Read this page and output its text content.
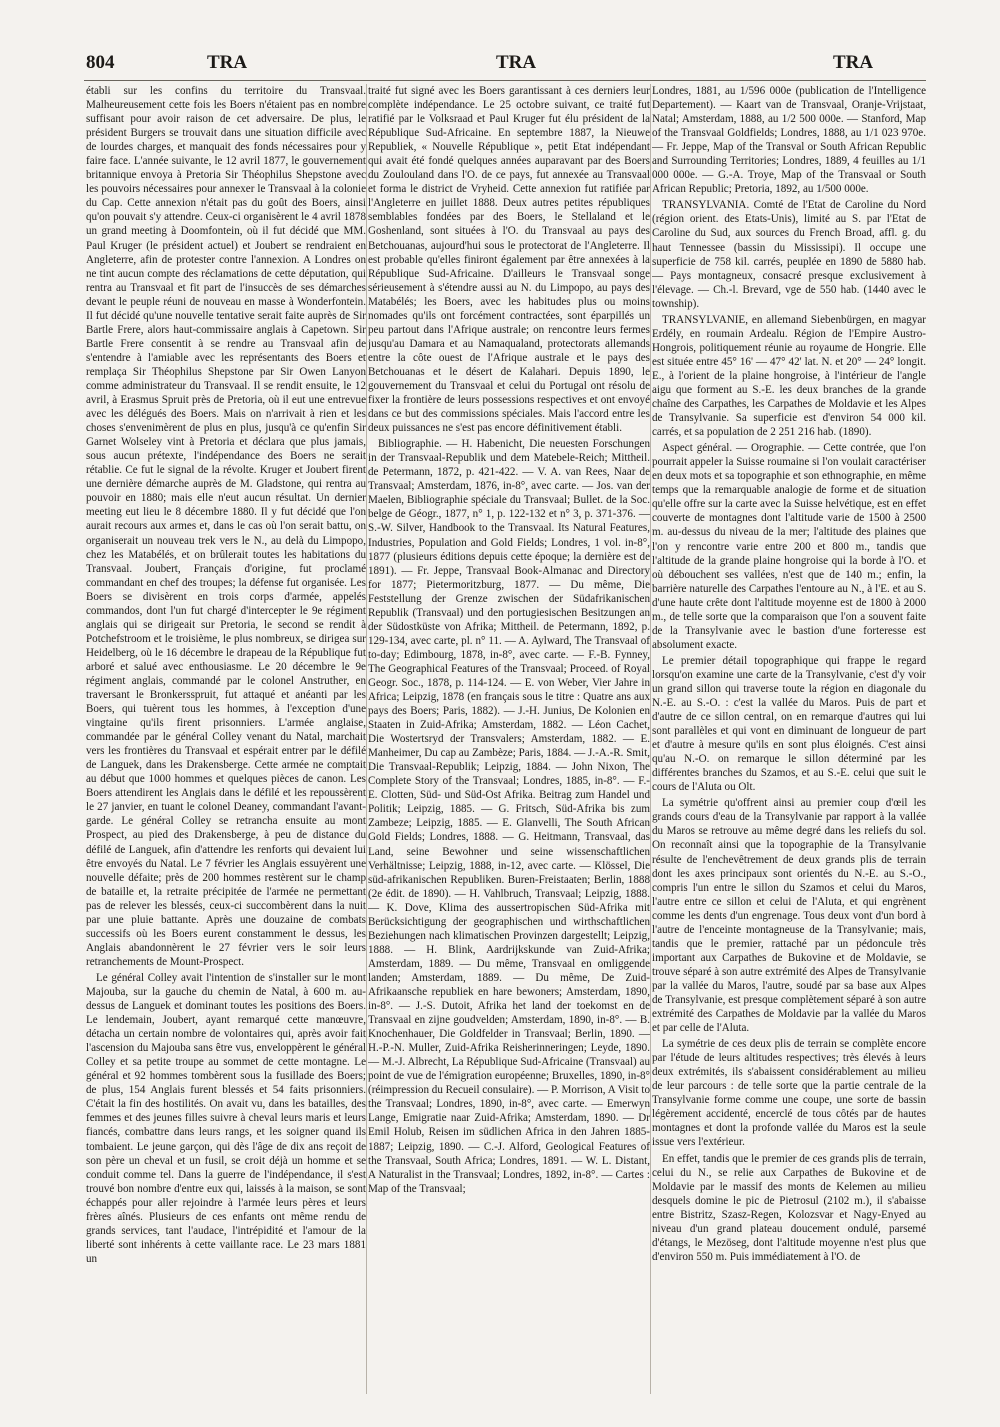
804	TRA	TRA	TRA

établi sur les confins du territoire du Transvaal. Malheureusement cette fois les Boers n'étaient pas en nombre suffisant pour avoir raison de cet adversaire. De plus, le président Burgers se trouvait dans une situation difficile avec de lourdes charges, et manquait des fonds nécessaires pour y faire face. L'année suivante, le 12 avril 1877, le gouvernement britannique envoya à Pretoria Sir Théophilus Shepstone avec les pouvoirs nécessaires pour annexer le Transvaal à la colonie du Cap. Cette annexion n'était pas du goût des Boers, ainsi qu'on pouvait s'y attendre. Ceux-ci organisèrent le 4 avril 1878 un grand meeting à Doomfontein, où il fut décidé que MM. Paul Kruger (le président actuel) et Joubert se rendraient en Angleterre, afin de protester contre l'annexion. A Londres on ne tint aucun compte des réclamations de cette députation, qui rentra au Transvaal et fit part de l'insuccès de ses démarches devant le peuple réuni de nouveau en masse à Wonderfontein. Il fut décidé qu'une nouvelle tentative serait faite auprès de Sir Bartle Frere, alors haut-commissaire anglais à Capetown. Sir Bartle Frere consentit à se rendre au Transvaal afin de s'entendre à l'amiable avec les représentants des Boers et remplaça Sir Théophilus Shepstone par Sir Owen Lanyon comme administrateur du Transvaal. Il se rendit ensuite, le 12 avril, à Erasmus Spruit près de Pretoria, où il eut une entrevue avec les délégués des Boers. Mais on n'arrivait à rien et les choses s'envenimèrent de plus en plus, jusqu'à ce qu'enfin Sir Garnet Wolseley vint à Pretoria et déclara que plus jamais, sous aucun prétexte, l'indépendance des Boers ne serait rétablie. Ce fut le signal de la révolte. Kruger et Joubert firent une dernière démarche auprès de M. Gladstone, qui rentra au pouvoir en 1880; mais elle n'eut aucun résultat. Un dernier meeting eut lieu le 8 décembre 1880. Il y fut décidé que l'on aurait recours aux armes et, dans le cas où l'on serait battu, on organiserait un nouveau trek vers le N., au delà du Limpopo, chez les Matabélés, et on brûlerait toutes les habitations du Transvaal. Joubert, Français d'origine, fut proclamé commandant en chef des troupes; la défense fut organisée. Les Boers se divisèrent en trois corps d'armée, appelés commandos, dont l'un fut chargé d'intercepter le 9e régiment anglais qui se dirigeait sur Pretoria, le second se rendit à Potchefstroom et le troisième, le plus nombreux, se dirigea sur Heidelberg, où le 16 décembre le drapeau de la République fut arboré et salué avec enthousiasme. Le 20 décembre le 9e régiment anglais, commandé par le colonel Anstruther, en traversant le Bronkersspruit, fut attaqué et anéanti par les Boers, qui tuèrent tous les hommes, à l'exception d'une vingtaine qu'ils firent prisonniers. L'armée anglaise, commandée par le général Colley venant du Natal, marchait vers les frontières du Transvaal et espérait entrer par le défilé de Languek, dans les Drakensberge. Cette armée ne comptait au début que 1000 hommes et quelques pièces de canon. Les Boers attendirent les Anglais dans le défilé et les repoussèrent le 27 janvier, en tuant le colonel Deaney, commandant l'avant-garde. Le général Colley se retrancha ensuite au mont Prospect, au pied des Drakensberge, à peu de distance du défilé de Languek, afin d'attendre les renforts qui devaient lui être envoyés du Natal. Le 7 février les Anglais essuyèrent une nouvelle défaite; près de 200 hommes restèrent sur le champ de bataille et, la retraite précipitée de l'armée ne permettant pas de relever les blessés, ceux-ci succombèrent dans la nuit par une pluie battante. Après une douzaine de combats successifs où les Boers eurent constamment le dessus, les Anglais abandonnèrent le 27 février vers le soir leurs retranchements de Mount-Prospect.

Le général Colley avait l'intention de s'installer sur le mont Majouba, sur la gauche du chemin de Natal, à 600 m. au-dessus de Languek et dominant toutes les positions des Boers. Le lendemain, Joubert, ayant remarqué cette manœuvre, détacha un certain nombre de volontaires qui, après avoir fait l'ascension du Majouba sans être vus, enveloppèrent le général Colley et sa petite troupe au sommet de cette montagne. Le général et 92 hommes tombèrent sous la fusillade des Boers; de plus, 154 Anglais furent blessés et 54 faits prisonniers. C'était la fin des hostilités. On avait vu, dans les batailles, des femmes et des jeunes filles suivre à cheval leurs maris et leurs fiancés, combattre dans leurs rangs, et les soigner quand ils tombaient. Le jeune garçon, qui dès l'âge de dix ans reçoit de son père un cheval et un fusil, se croit déjà un homme et se conduit comme tel. Dans la guerre de l'indépendance, il s'est trouvé bon nombre d'entre eux qui, laissés à la maison, se sont échappés pour aller rejoindre à l'armée leurs pères et leurs frères aînés. Plusieurs de ces enfants ont même rendu de grands services, tant l'audace, l'intrépidité et l'amour de la liberté sont inhérents à cette vaillante race. Le 23 mars 1881 un

traité fut signé avec les Boers garantissant à ces derniers leur complète indépendance. Le 25 octobre suivant, ce traité fut ratifié par le Volksraad et Paul Kruger fut élu président de la République Sud-Africaine. En septembre 1887, la Nieuwe Republiek, « Nouvelle République », petit Etat indépendant qui avait été fondé quelques années auparavant par des Boers du Zoulouland dans l'O. de ce pays, fut annexée au Transvaal et forma le district de Vryheid. Cette annexion fut ratifiée par l'Angleterre en juillet 1888. Deux autres petites républiques semblables fondées par des Boers, le Stellaland et le Goshenland, sont situées à l'O. du Transvaal au pays des Betchouanas, aujourd'hui sous le protectorat de l'Angleterre. Il est probable qu'elles finiront également par être annexées à la République Sud-Africaine. D'ailleurs le Transvaal songe sérieusement à s'étendre aussi au N. du Limpopo, au pays des Matabélés; les Boers, avec les habitudes plus ou moins nomades qu'ils ont forcément contractées, sont éparpillés un peu partout dans l'Afrique australe; on rencontre leurs fermes jusqu'au Damara et au Namaqualand, protectorats allemands entre la côte ouest de l'Afrique australe et le pays des Betchouanas et le désert de Kalahari. Depuis 1890, le gouvernement du Transvaal et celui du Portugal ont résolu de fixer la frontière de leurs possessions respectives et ont envoyé dans ce but des commissions spéciales. Mais l'accord entre les deux puissances ne s'est pas encore définitivement établi.

Bibliographie. — H. Habenicht, Die neuesten Forschungen in der Transvaal-Republik und dem Matebele-Reich; Mittheil. de Petermann, 1872, p. 421-422. — V. A. van Rees, Naar de Transvaal; Amsterdam, 1876, in-8°, avec carte. — Jos. van der Maelen, Bibliographie spéciale du Transvaal; Bullet. de la Soc. belge de Géogr., 1877, n° 1, p. 122-132 et n° 3, p. 371-376. — S.-W. Silver, Handbook to the Transvaal. Its Natural Features, Industries, Population and Gold Fields; Londres, 1 vol. in-8°, 1877 (plusieurs éditions depuis cette époque; la dernière est de 1891). — Fr. Jeppe, Transvaal Book-Almanac and Directory for 1877; Pietermoritzburg, 1877. — Du même, Die Feststellung der Grenze zwischen der Südafrikanischen Republik (Transvaal) und den portugiesischen Besitzungen an der Südostküste von Afrika; Mittheil. de Petermann, 1892, p. 129-134, avec carte, pl. n° 11. — A. Aylward, The Transvaal of to-day; Edimbourg, 1878, in-8°, avec carte. — F.-B. Fynney, The Geographical Features of the Transvaal; Proceed. of Royal Geogr. Soc., 1878, p. 114-124. — E. von Weber, Vier Jahre in Africa; Leipzig, 1878 (en français sous le titre : Quatre ans aux pays des Boers; Paris, 1882). — J.-H. Junius, De Kolonien en Staaten in Zuid-Afrika; Amsterdam, 1882. — Léon Cachet, Die Wostertsryd der Transvalers; Amsterdam, 1882. — E. Manheimer, Du cap au Zambèze; Paris, 1884. — J.-A.-R. Smit, Die Transvaal-Republik; Leipzig, 1884. — John Nixon, The Complete Story of the Transvaal; Londres, 1885, in-8°. — F.-E. Clotten, Süd- und Süd-Ost Afrika. Beitrag zum Handel und Politik; Leipzig, 1885. — G. Fritsch, Süd-Afrika bis zum Zambeze; Leipzig, 1885. — E. Glanvelli, The South African Gold Fields; Londres, 1888. — G. Heitmann, Transvaal, das Land, seine Bewohner und seine wissenschaftlichen Verhältnisse; Leipzig, 1888, in-12, avec carte. — Klössel, Die süd-afrikanischen Republiken. Buren-Freistaaten; Berlin, 1888 (2e édit. de 1890). — H. Vahlbruch, Transvaal; Leipzig, 1888. — K. Dove, Klima des aussertropischen Süd-Afrika mit Berücksichtigung der geographischen und wirthschaftlichen Beziehungen nach klimatischen Provinzen dargestellt; Leipzig, 1888. — H. Blink, Aardrijkskunde van Zuid-Afrika; Amsterdam, 1889. — Du même, Transvaal en omliggende landen; Amsterdam, 1889. — Du même, De Zuid-Afrikaansche republiek en hare bewoners; Amsterdam, 1890, in-8°. — J.-S. Dutoit, Afrika het land der toekomst en de Transvaal en zijne goudvelden; Amsterdam, 1890, in-8°. — B. Knochenhauer, Die Goldfelder in Transvaal; Berlin, 1890. — H.-P.-N. Muller, Zuid-Afrika Reisherinneringen; Leyde, 1890. — M.-J. Albrecht, La République Sud-Africaine (Transvaal) au point de vue de l'émigration européenne; Bruxelles, 1890, in-8° (réimpression du Recueil consulaire). — P. Morrison, A Visit to the Transvaal; Londres, 1890, in-8°, avec carte. — Emerwyn Lange, Emigratie naar Zuid-Afrika; Amsterdam, 1890. — Dr Emil Holub, Reisen im südlichen Africa in den Jahren 1885-1887; Leipzig, 1890. — C.-J. Alford, Geological Features of the Transvaal, South Africa; Londres, 1891. — W. L. Distant, A Naturalist in the Transvaal; Londres, 1892, in-8°. — Cartes : Map of the Transvaal;

Londres, 1881, au 1/596 000e (publication de l'Intelligence Departement). — Kaart van de Transvaal, Oranje-Vrijstaat, Natal; Amsterdam, 1888, au 1/2 500 000e. — Stanford, Map of the Transvaal Goldfields; Londres, 1888, au 1/1 023 970e. — Fr. Jeppe, Map of the Transval or South African Republic and Surrounding Territories; Londres, 1889, 4 feuilles au 1/1 000 000e. — G.-A. Troye, Map of the Transvaal or South African Republic; Pretoria, 1892, au 1/500 000e.

TRANSYLVANIA. Comté de l'Etat de Caroline du Nord (région orient. des Etats-Unis), limité au S. par l'Etat de Caroline du Sud, aux sources du French Broad, affl. g. du haut Tennessee (bassin du Mississipi). Il occupe une superficie de 758 kil. carrés, peuplée en 1890 de 5880 hab. — Pays montagneux, consacré presque exclusivement à l'élevage. — Ch.-l. Brevard, vge de 550 hab. (1440 avec le township).

TRANSYLVANIE, en allemand Siebenbürgen, en magyar Erdély, en roumain Ardealu. Région de l'Empire Austro-Hongrois, politiquement réunie au royaume de Hongrie. Elle est située entre 45° 16' — 47° 42' lat. N. et 20° — 24° longit. E., à l'orient de la plaine hongroise, à l'intérieur de l'angle aigu que forment au S.-E. les deux branches de la grande chaîne des Carpathes, les Carpathes de Moldavie et les Alpes de Transylvanie. Sa superficie est d'environ 54 000 kil. carrés, et sa population de 2 251 216 hab. (1890).

Aspect général. — Orographie. — Cette contrée, que l'on pourrait appeler la Suisse roumaine si l'on voulait caractériser en deux mots et sa topographie et son ethnographie, en même temps que la remarquable analogie de forme et de situation qu'elle offre sur la carte avec la Suisse helvétique, est en effet couverte de montagnes dont l'altitude varie de 1500 à 2500 m. au-dessus du niveau de la mer; l'altitude des plaines que l'on y rencontre varie entre 200 et 800 m., tandis que l'altitude de la grande plaine hongroise qui la borde à l'O. et où débouchent ses vallées, n'est que de 140 m.; enfin, la barrière naturelle des Carpathes l'entoure au N., à l'E. et au S. d'une haute crête dont l'altitude moyenne est de 1800 à 2000 m., de telle sorte que la comparaison que l'on a souvent faite de la Transylvanie avec le bastion d'une forteresse est absolument exacte.

Le premier détail topographique qui frappe le regard lorsqu'on examine une carte de la Transylvanie, c'est d'y voir un grand sillon qui traverse toute la région en diagonale du N.-E. au S.-O. : c'est la vallée du Maros. Puis de part et d'autre de ce sillon central, on en remarque d'autres qui lui sont parallèles et qui vont en diminuant de longueur de part et d'autre à mesure qu'ils en sont plus éloignés. C'est ainsi qu'au N.-O. on remarque le sillon déterminé par les différentes branches du Szamos, et au S.-E. celui que suit le cours de l'Aluta ou Olt.

La symétrie qu'offrent ainsi au premier coup d'œil les grands cours d'eau de la Transylvanie par rapport à la vallée du Maros se retrouve au même degré dans les reliefs du sol. On reconnaît ainsi que la topographie de la Transylvanie résulte de l'enchevêtrement de deux grands plis de terrain dont les axes principaux sont orientés du N.-E. au S.-O., compris l'un entre le sillon du Szamos et celui du Maros, l'autre entre ce sillon et celui de l'Aluta, et qui engrènent comme les dents d'un engrenage. Tous deux vont d'un bord à l'autre de l'enceinte montagneuse de la Transylvanie; mais, tandis que le premier, rattaché par un pédoncule très important aux Carpathes de Bukovine et de Moldavie, se trouve séparé à son autre extrémité des Alpes de Transylvanie par la vallée du Maros, l'autre, soudé par sa base aux Alpes de Transylvanie, est presque complètement séparé à son autre extrémité des Carpathes de Moldavie par la vallée du Maros et par celle de l'Aluta.

La symétrie de ces deux plis de terrain se complète encore par l'étude de leurs altitudes respectives; très élevés à leurs deux extrémités, ils s'abaissent considérablement au milieu de leur parcours : de telle sorte que la partie centrale de la Transylvanie forme comme une coupe, une sorte de bassin légèrement accidenté, encerclé de tous côtés par de hautes montagnes et dont la profonde vallée du Maros est la seule issue vers l'extérieur.

En effet, tandis que le premier de ces grands plis de terrain, celui du N., se relie aux Carpathes de Bukovine et de Moldavie par le massif des monts de Kelemen au milieu desquels domine le pic de Pietrosul (2102 m.), il s'abaisse entre Bistritz, Szasz-Regen, Kolozsvar et Nagy-Enyed au niveau d'un grand plateau doucement ondulé, parsemé d'étangs, le Mezöseg, dont l'altitude moyenne n'est plus que d'environ 550 m. Puis immédiatement à l'O. de
